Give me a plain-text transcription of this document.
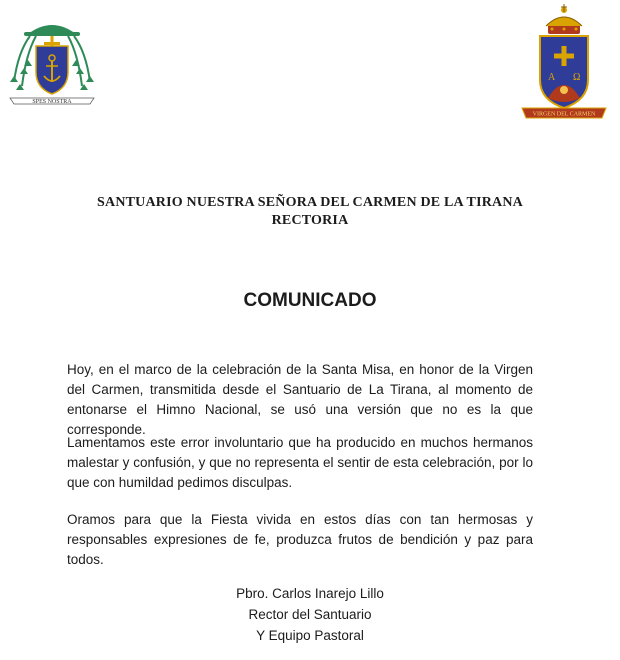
SPES NOSTRA
A Ω
VIRGEN DEL CARMEN
SANTUARIO NUESTRA SEÑORA DEL CARMEN DE LA TIRANA
RECTORIA
COMUNICADO
Hoy, en el marco de la celebración de la Santa Misa, en honor de la Virgen del Carmen, transmitida desde el Santuario de La Tirana, al momento de entonarse el Himno Nacional, se usó una versión que no es la que corresponde.
Lamentamos este error involuntario que ha producido en muchos hermanos malestar y confusión, y que no representa el sentir de esta celebración, por lo que con humildad pedimos disculpas.
Oramos para que la Fiesta vivida en estos días con tan hermosas y responsables expresiones de fe, produzca frutos de bendición y paz para todos.
Pbro. Carlos Inarejo Lillo
Rector del Santuario
Y Equipo Pastoral
